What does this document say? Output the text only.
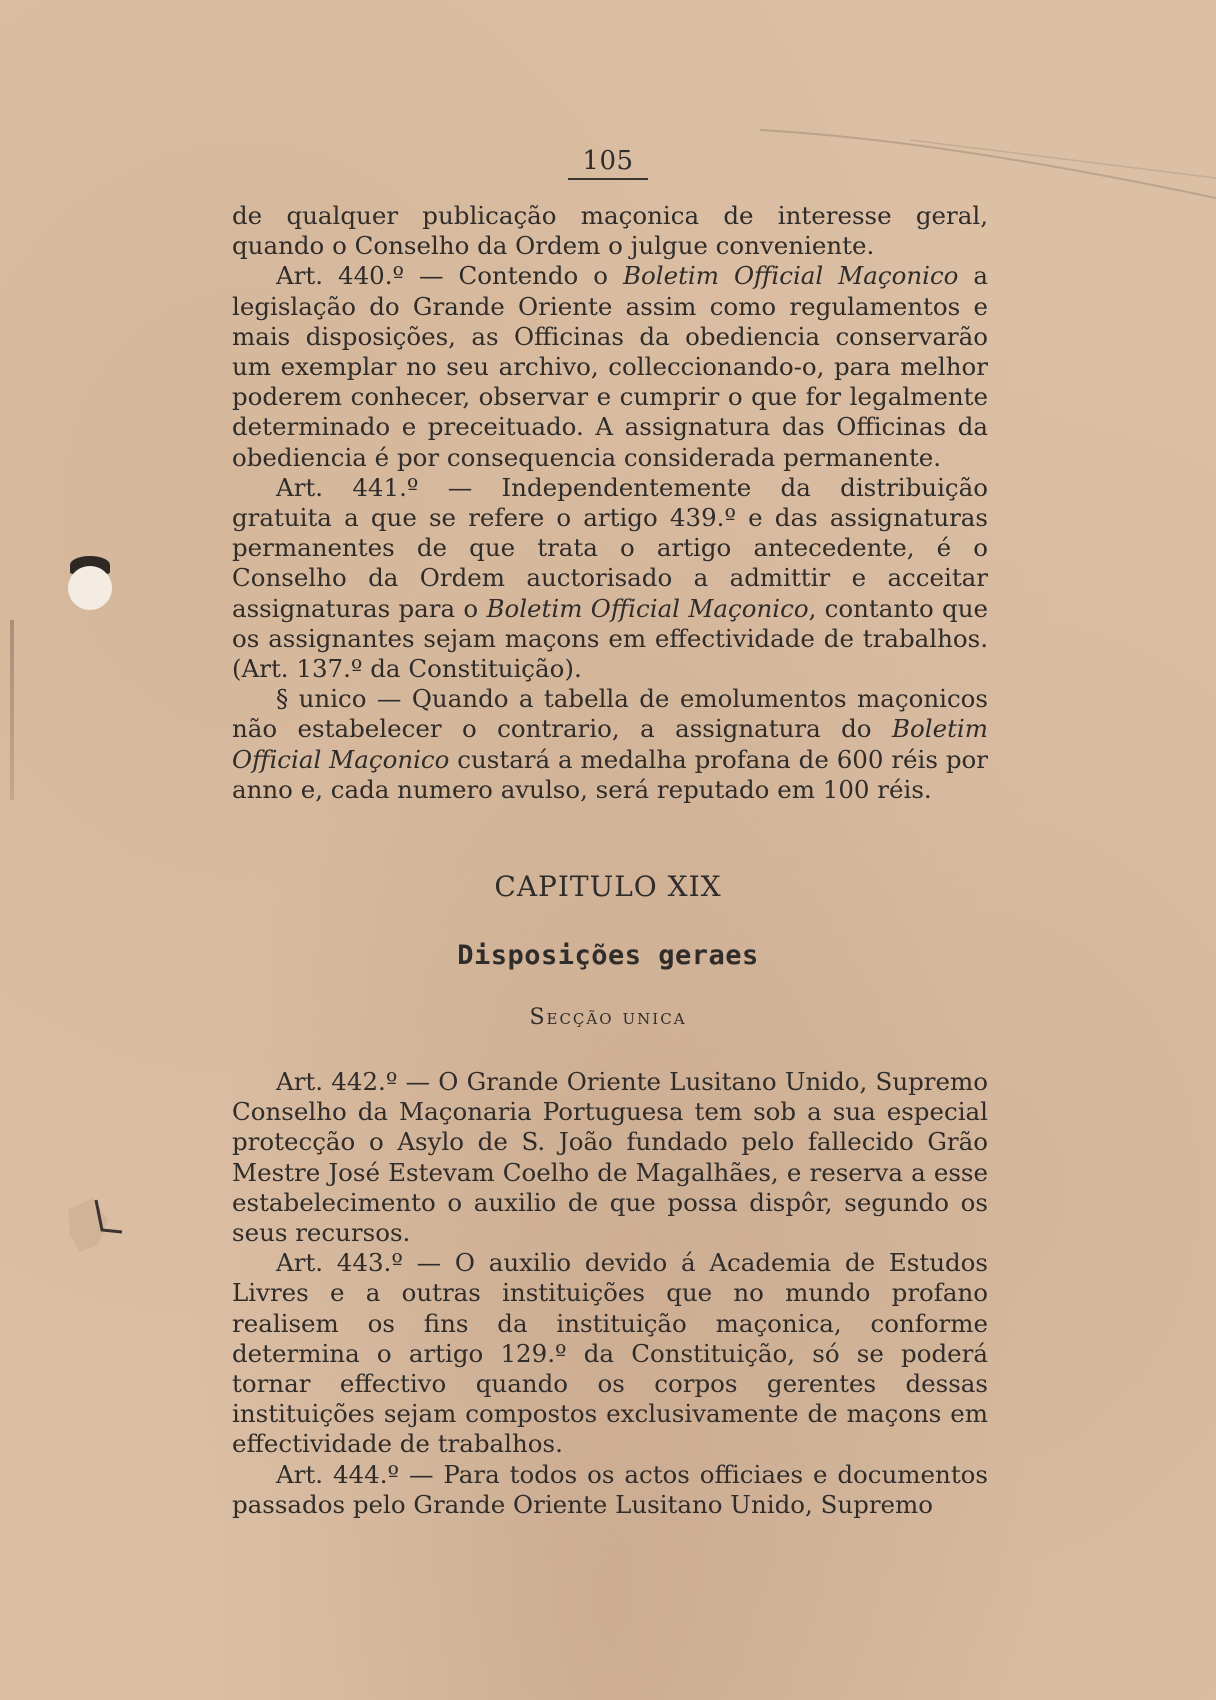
105

de qualquer publicação maçonica de interesse geral, quando o Conselho da Ordem o julgue conveniente.

Art. 440.º — Contendo o Boletim Official Maçonico a legislação do Grande Oriente assim como regulamentos e mais disposições, as Officinas da obediencia conservarão um exemplar no seu archivo, colleccionando-o, para melhor poderem conhecer, observar e cumprir o que for legalmente determinado e preceituado. A assignatura das Officinas da obediencia é por consequencia considerada permanente.

Art. 441.º — Independentemente da distribuição gratuita a que se refere o artigo 439.º e das assignaturas permanentes de que trata o artigo antecedente, é o Conselho da Ordem auctorisado a admittir e acceitar assignaturas para o Boletim Official Maçonico, contanto que os assignantes sejam maçons em effectividade de trabalhos. (Art. 137.º da Constituição).

§ unico — Quando a tabella de emolumentos maçonicos não estabelecer o contrario, a assignatura do Boletim Official Maçonico custará a medalha profana de 600 réis por anno e, cada numero avulso, será reputado em 100 réis.

CAPITULO XIX
Disposições geraes
Secção unica

Art. 442.º — O Grande Oriente Lusitano Unido, Supremo Conselho da Maçonaria Portuguesa tem sob a sua especial protecção o Asylo de S. João fundado pelo fallecido Grão Mestre José Estevam Coelho de Magalhães, e reserva a esse estabelecimento o auxilio de que possa dispôr, segundo os seus recursos.

Art. 443.º — O auxilio devido á Academia de Estudos Livres e a outras instituições que no mundo profano realisem os fins da instituição maçonica, conforme determina o artigo 129.º da Constituição, só se poderá tornar effectivo quando os corpos gerentes dessas instituições sejam compostos exclusivamente de maçons em effectividade de trabalhos.

Art. 444.º — Para todos os actos officiaes e documentos passados pelo Grande Oriente Lusitano Unido, Supremo
